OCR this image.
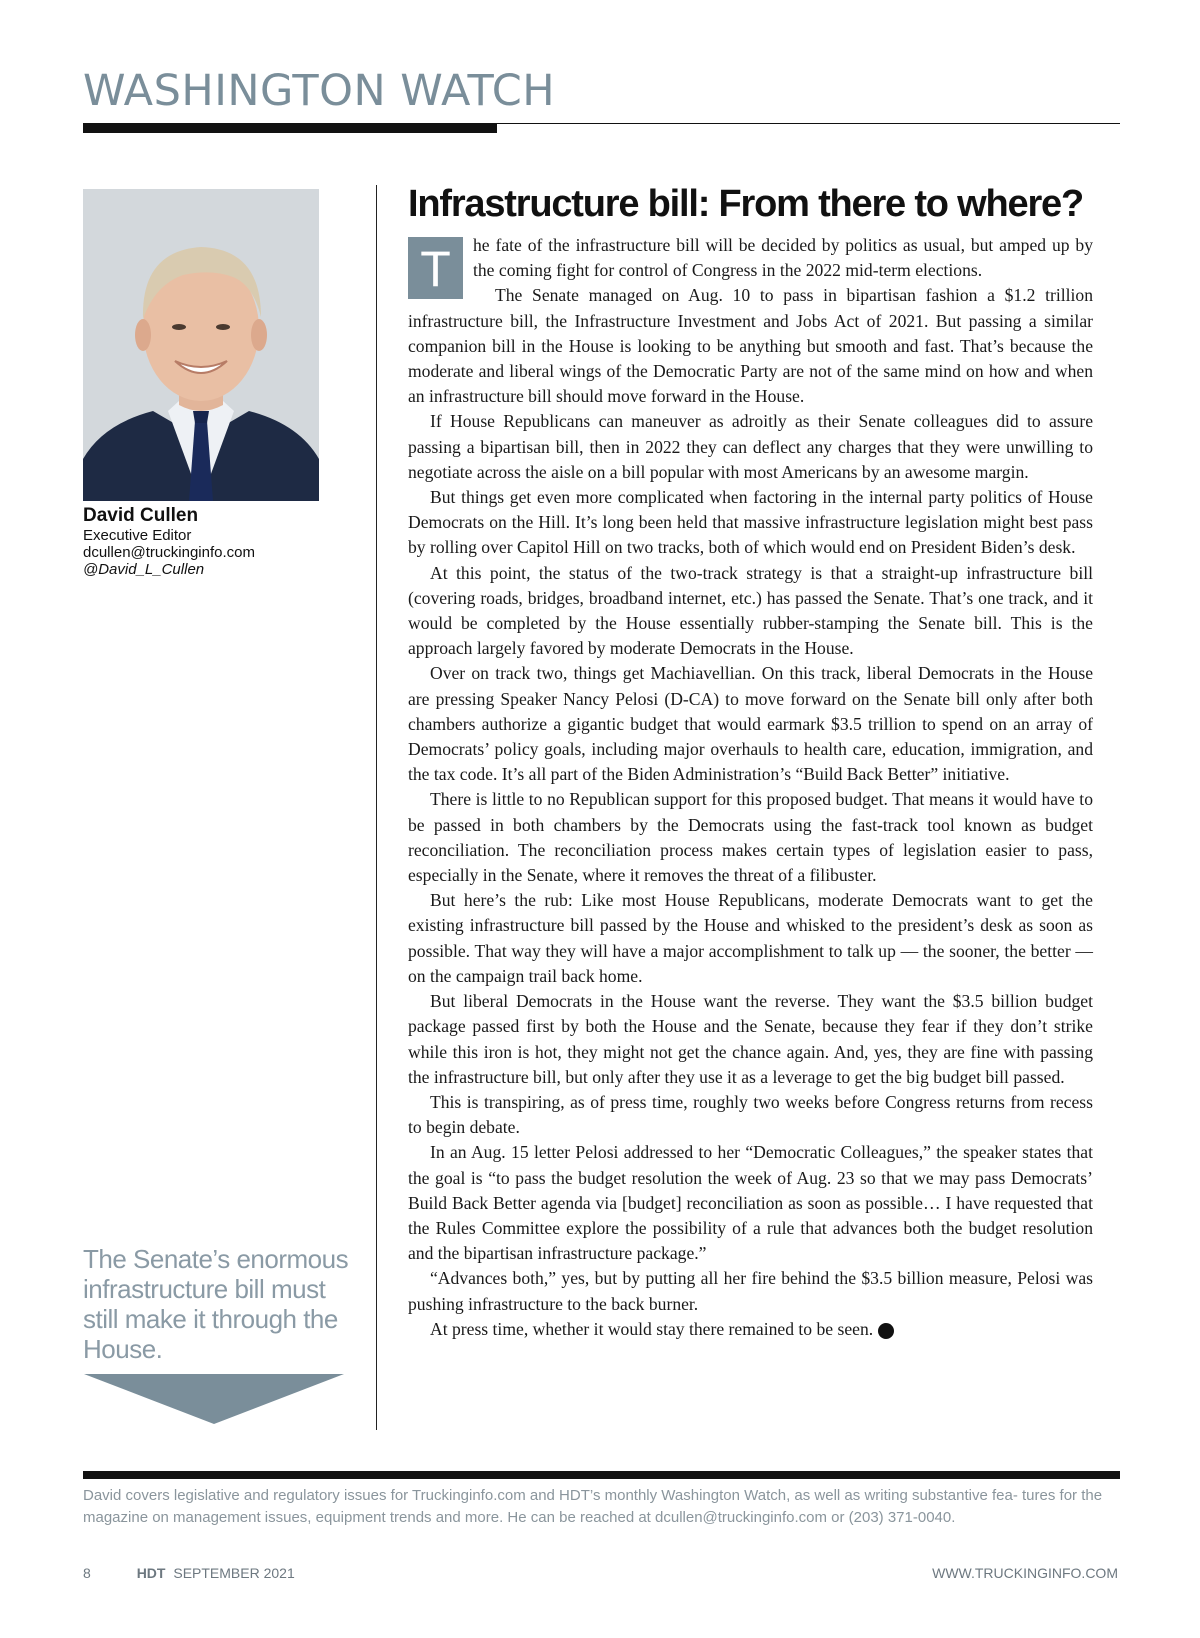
WASHINGTON WATCH
David Cullen
Executive Editor
dcullen@truckinginfo.com
@David_L_Cullen
The Senate’s enormous infrastructure bill must still make it through the House.
Infrastructure bill: From there to where?

T	he fate of the infrastructure bill will be decided by politics as usual, but amped up by the coming fight for control of Congress in the 2022 mid-term elections.

The Senate managed on Aug. 10 to pass in bipartisan fashion a $1.2 trillion infrastructure bill, the Infrastructure Investment and Jobs Act of 2021. But passing a similar companion bill in the House is looking to be anything but smooth and fast. That’s because the moderate and liberal wings of the Democratic Party are not of the same mind on how and when an infrastructure bill should move forward in the House.

If House Republicans can maneuver as adroitly as their Senate colleagues did to assure passing a bipartisan bill, then in 2022 they can deflect any charges that they were unwilling to negotiate across the aisle on a bill popular with most Americans by an awesome margin.

But things get even more complicated when factoring in the internal party politics of House Democrats on the Hill. It’s long been held that massive infrastructure legislation might best pass by rolling over Capitol Hill on two tracks, both of which would end on President Biden’s desk.

At this point, the status of the two-track strategy is that a straight-up infrastructure bill (covering roads, bridges, broadband internet, etc.) has passed the Senate. That’s one track, and it would be completed by the House essentially rubber-stamping the Senate bill. This is the approach largely favored by moderate Democrats in the House.

Over on track two, things get Machiavellian. On this track, liberal Democrats in the House are pressing Speaker Nancy Pelosi (D-CA) to move forward on the Senate bill only after both chambers authorize a gigantic budget that would earmark $3.5 trillion to spend on an array of Democrats’ policy goals, including major overhauls to health care, education, immigration, and the tax code. It’s all part of the Biden Administration’s “Build Back Better” initiative.

There is little to no Republican support for this proposed budget. That means it would have to be passed in both chambers by the Democrats using the fast-track tool known as budget reconciliation. The reconciliation process makes certain types of legislation easier to pass, especially in the Senate, where it removes the threat of a filibuster.

But here’s the rub: Like most House Republicans, moderate Democrats want to get the existing infrastructure bill passed by the House and whisked to the president’s desk as soon as possible. That way they will have a major accomplishment to talk up — the sooner, the better — on the campaign trail back home.

But liberal Democrats in the House want the reverse. They want the $3.5 billion budget package passed first by both the House and the Senate, because they fear if they don’t strike while this iron is hot, they might not get the chance again. And, yes, they are fine with passing the infrastructure bill, but only after they use it as a leverage to get the big budget bill passed.

This is transpiring, as of press time, roughly two weeks before Congress returns from recess to begin debate.

In an Aug. 15 letter Pelosi addressed to her “Democratic Colleagues,” the speaker states that the goal is “to pass the budget resolution the week of Aug. 23 so that we may pass Democrats’ Build Back Better agenda via [budget] reconciliation as soon as possible… I have requested that the Rules Committee explore the possibility of a rule that advances both the budget resolution and the bipartisan infrastructure package.”

“Advances both,” yes, but by putting all her fire behind the $3.5 billion measure, Pelosi was pushing infrastructure to the back burner.

At press time, whether it would stay there remained to be seen.	HDT

David covers legislative and regulatory issues for Truckinginfo.com and HDT’s monthly Washington Watch, as well as writing substantive fea- tures for the magazine on management issues, equipment trends and more. He can be reached at dcullen@truckinginfo.com or (203) 371-0040.
8	HDT SEPTEMBER 2021	WWW.TRUCKINGINFO.COM
